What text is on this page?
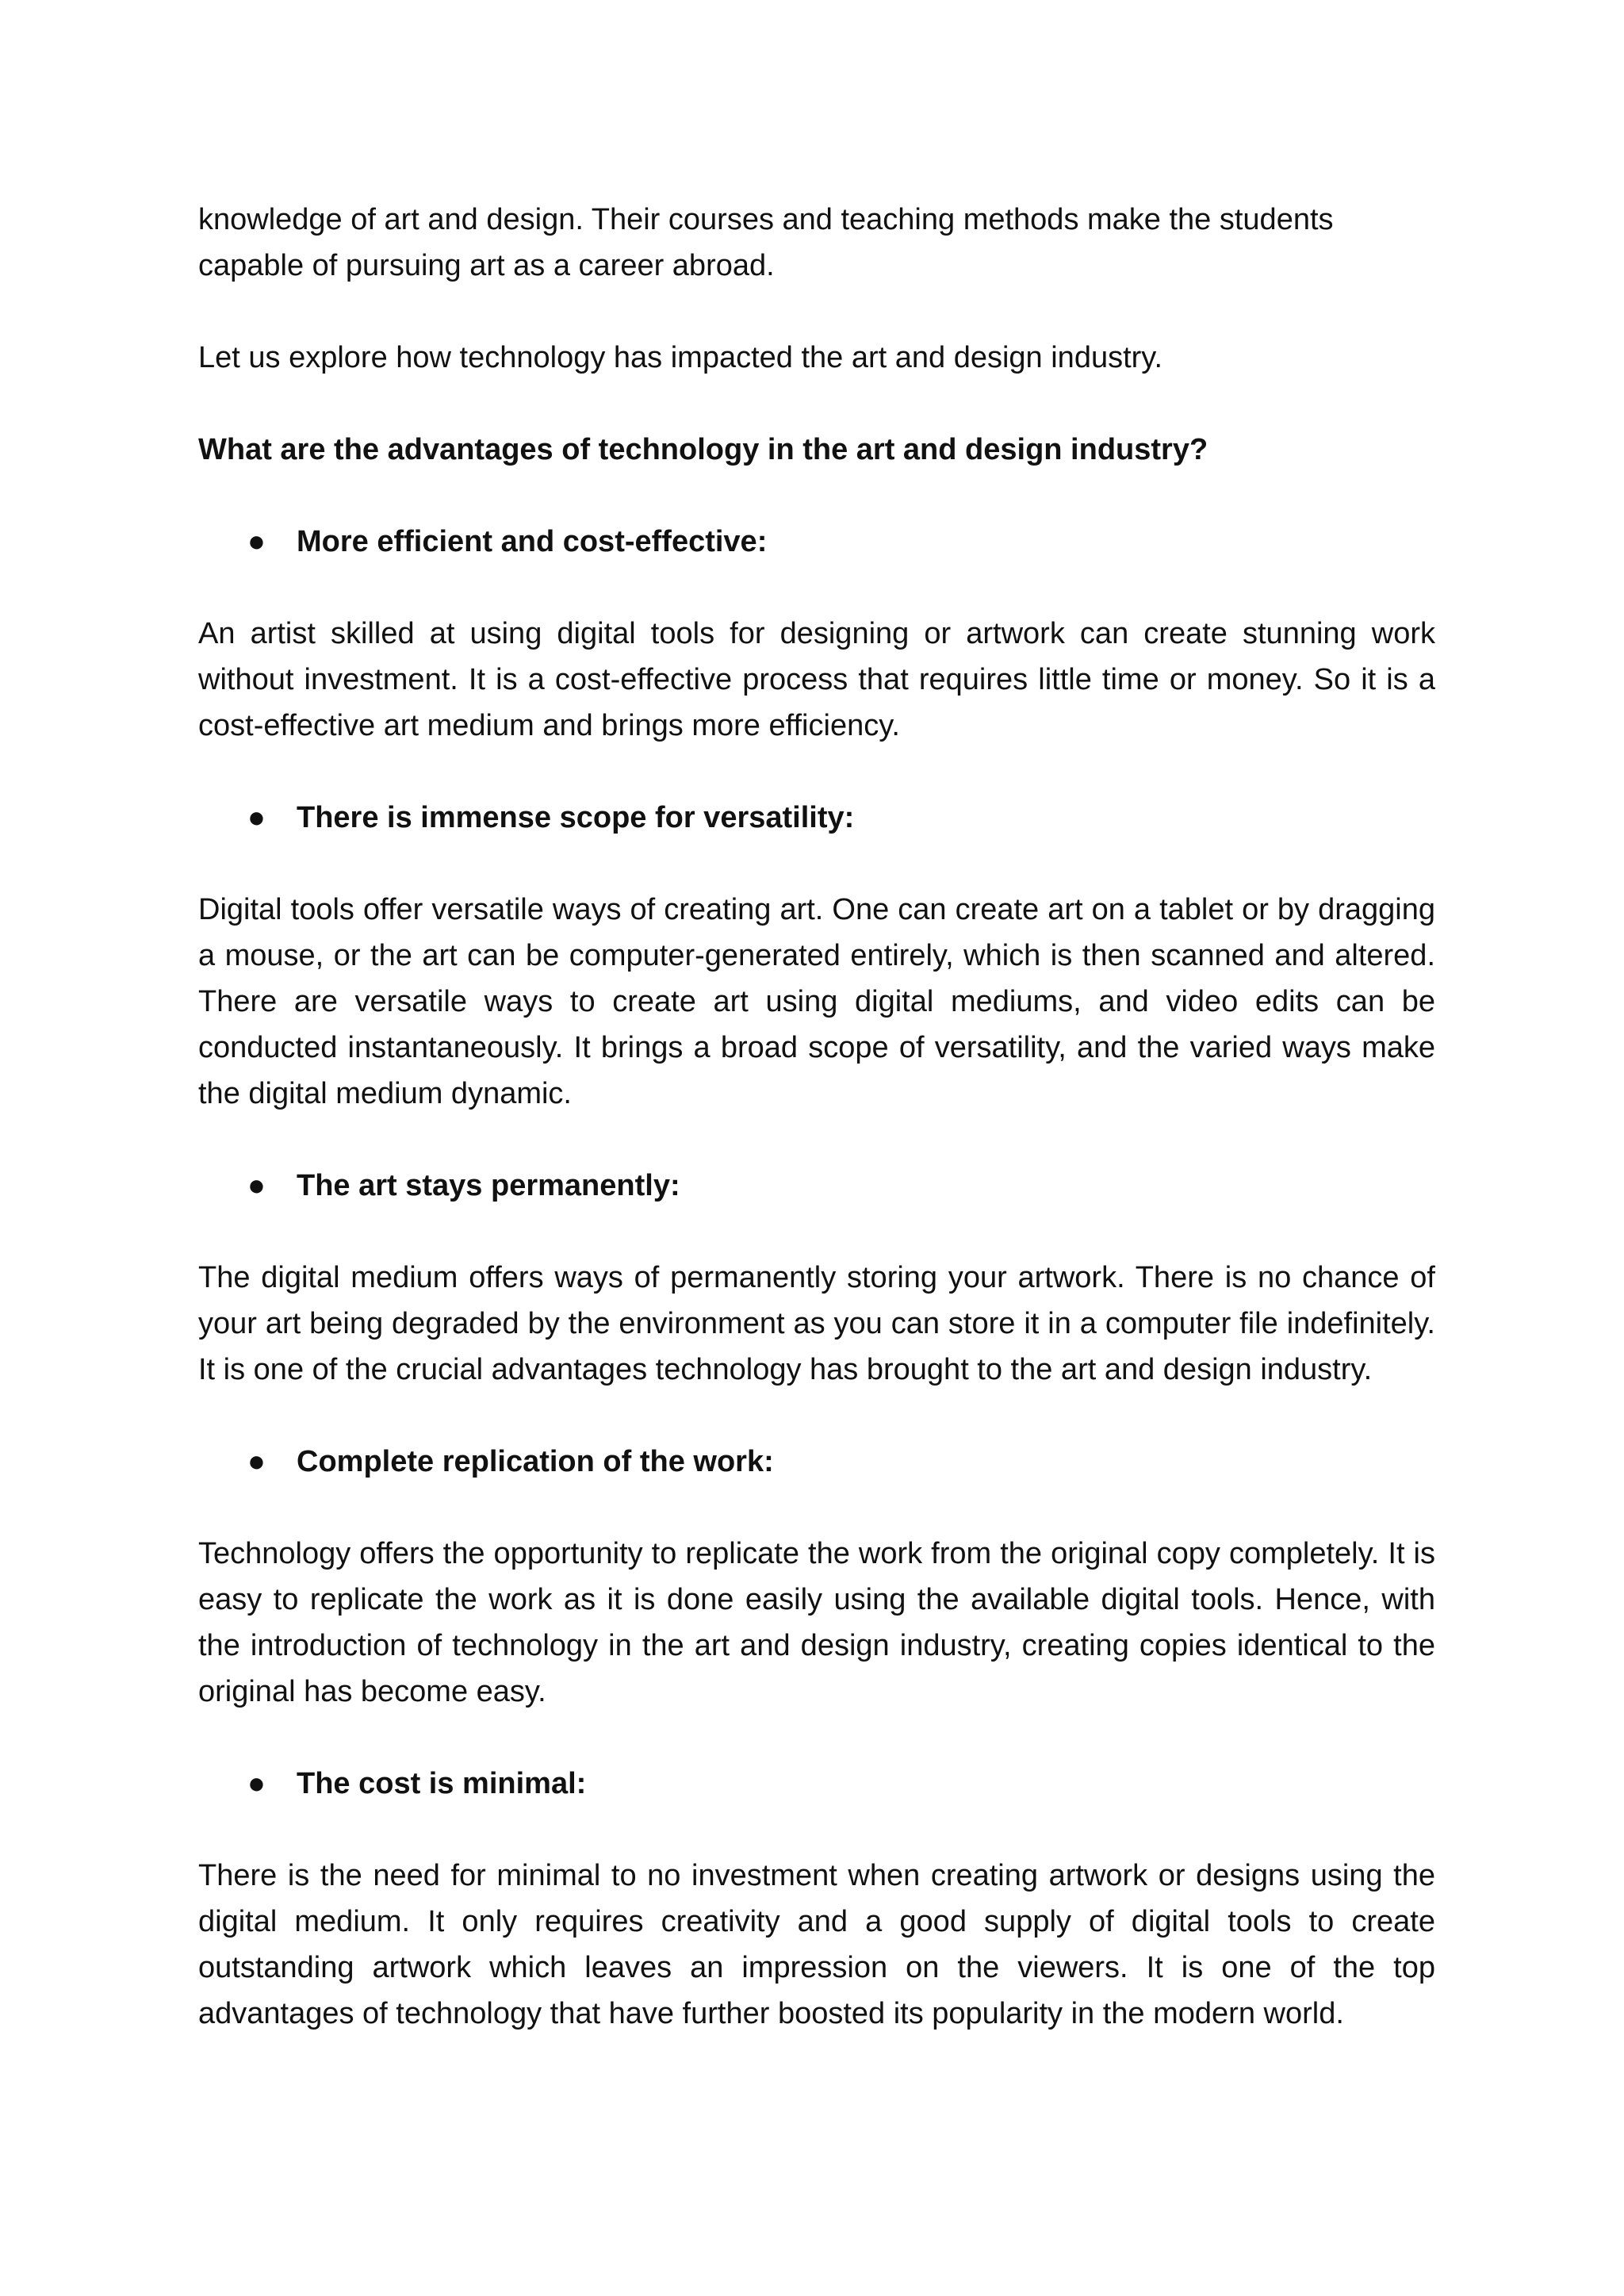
knowledge of art and design. Their courses and teaching methods make the students capable of pursuing art as a career abroad.

Let us explore how technology has impacted the art and design industry.

What are the advantages of technology in the art and design industry?

● More efficient and cost-effective:

An artist skilled at using digital tools for designing or artwork can create stunning work without investment. It is a cost-effective process that requires little time or money. So it is a cost-effective art medium and brings more efficiency.

● There is immense scope for versatility:

Digital tools offer versatile ways of creating art. One can create art on a tablet or by dragging a mouse, or the art can be computer-generated entirely, which is then scanned and altered. There are versatile ways to create art using digital mediums, and video edits can be conducted instantaneously. It brings a broad scope of versatility, and the varied ways make the digital medium dynamic.

● The art stays permanently:

The digital medium offers ways of permanently storing your artwork. There is no chance of your art being degraded by the environment as you can store it in a computer file indefinitely. It is one of the crucial advantages technology has brought to the art and design industry.

● Complete replication of the work:

Technology offers the opportunity to replicate the work from the original copy completely. It is easy to replicate the work as it is done easily using the available digital tools. Hence, with the introduction of technology in the art and design industry, creating copies identical to the original has become easy.

● The cost is minimal:

There is the need for minimal to no investment when creating artwork or designs using the digital medium. It only requires creativity and a good supply of digital tools to create outstanding artwork which leaves an impression on the viewers. It is one of the top advantages of technology that have further boosted its popularity in the modern world.
